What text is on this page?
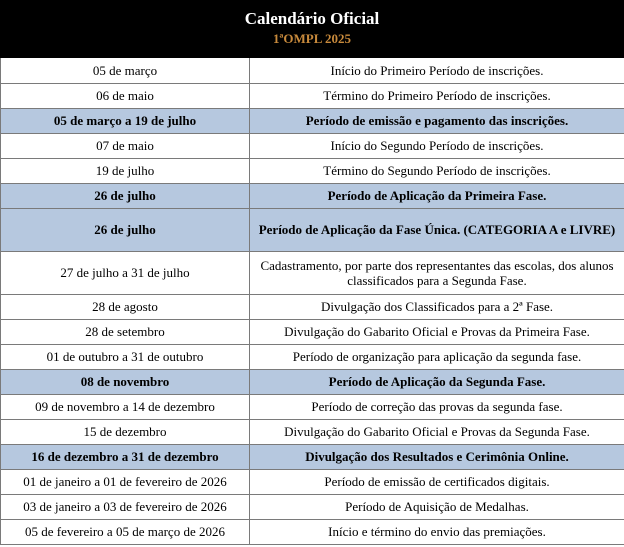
Calendário Oficial
1ªOMPL 2025
05 de março	Início do Primeiro Período de inscrições.
06 de maio	Término do Primeiro Período de inscrições.
05 de março a 19 de julho	Período de emissão e pagamento das inscrições.
07 de maio	Início do Segundo Período de inscrições.
19 de julho	Término do Segundo Período de inscrições.
26 de julho	Período de Aplicação da Primeira Fase.
26 de julho	Período de Aplicação da Fase Única. (CATEGORIA A e LIVRE)
27 de julho a 31 de julho	Cadastramento, por parte dos representantes das escolas, dos alunos classificados para a Segunda Fase.
28 de agosto	Divulgação dos Classificados para a 2ª Fase.
28 de setembro	Divulgação do Gabarito Oficial e Provas da Primeira Fase.
01 de outubro a 31 de outubro	Período de organização para aplicação da segunda fase.
08 de novembro	Período de Aplicação da Segunda Fase.
09 de novembro a 14 de dezembro	Período de correção das provas da segunda fase.
15 de dezembro	Divulgação do Gabarito Oficial e Provas da Segunda Fase.
16 de dezembro a 31 de dezembro	Divulgação dos Resultados e Cerimônia Online.
01 de janeiro a 01 de fevereiro de 2026	Período de emissão de certificados digitais.
03 de janeiro a 03 de fevereiro de 2026	Período de Aquisição de Medalhas.
05 de fevereiro a 05 de março de 2026	Início e término do envio das premiações.
